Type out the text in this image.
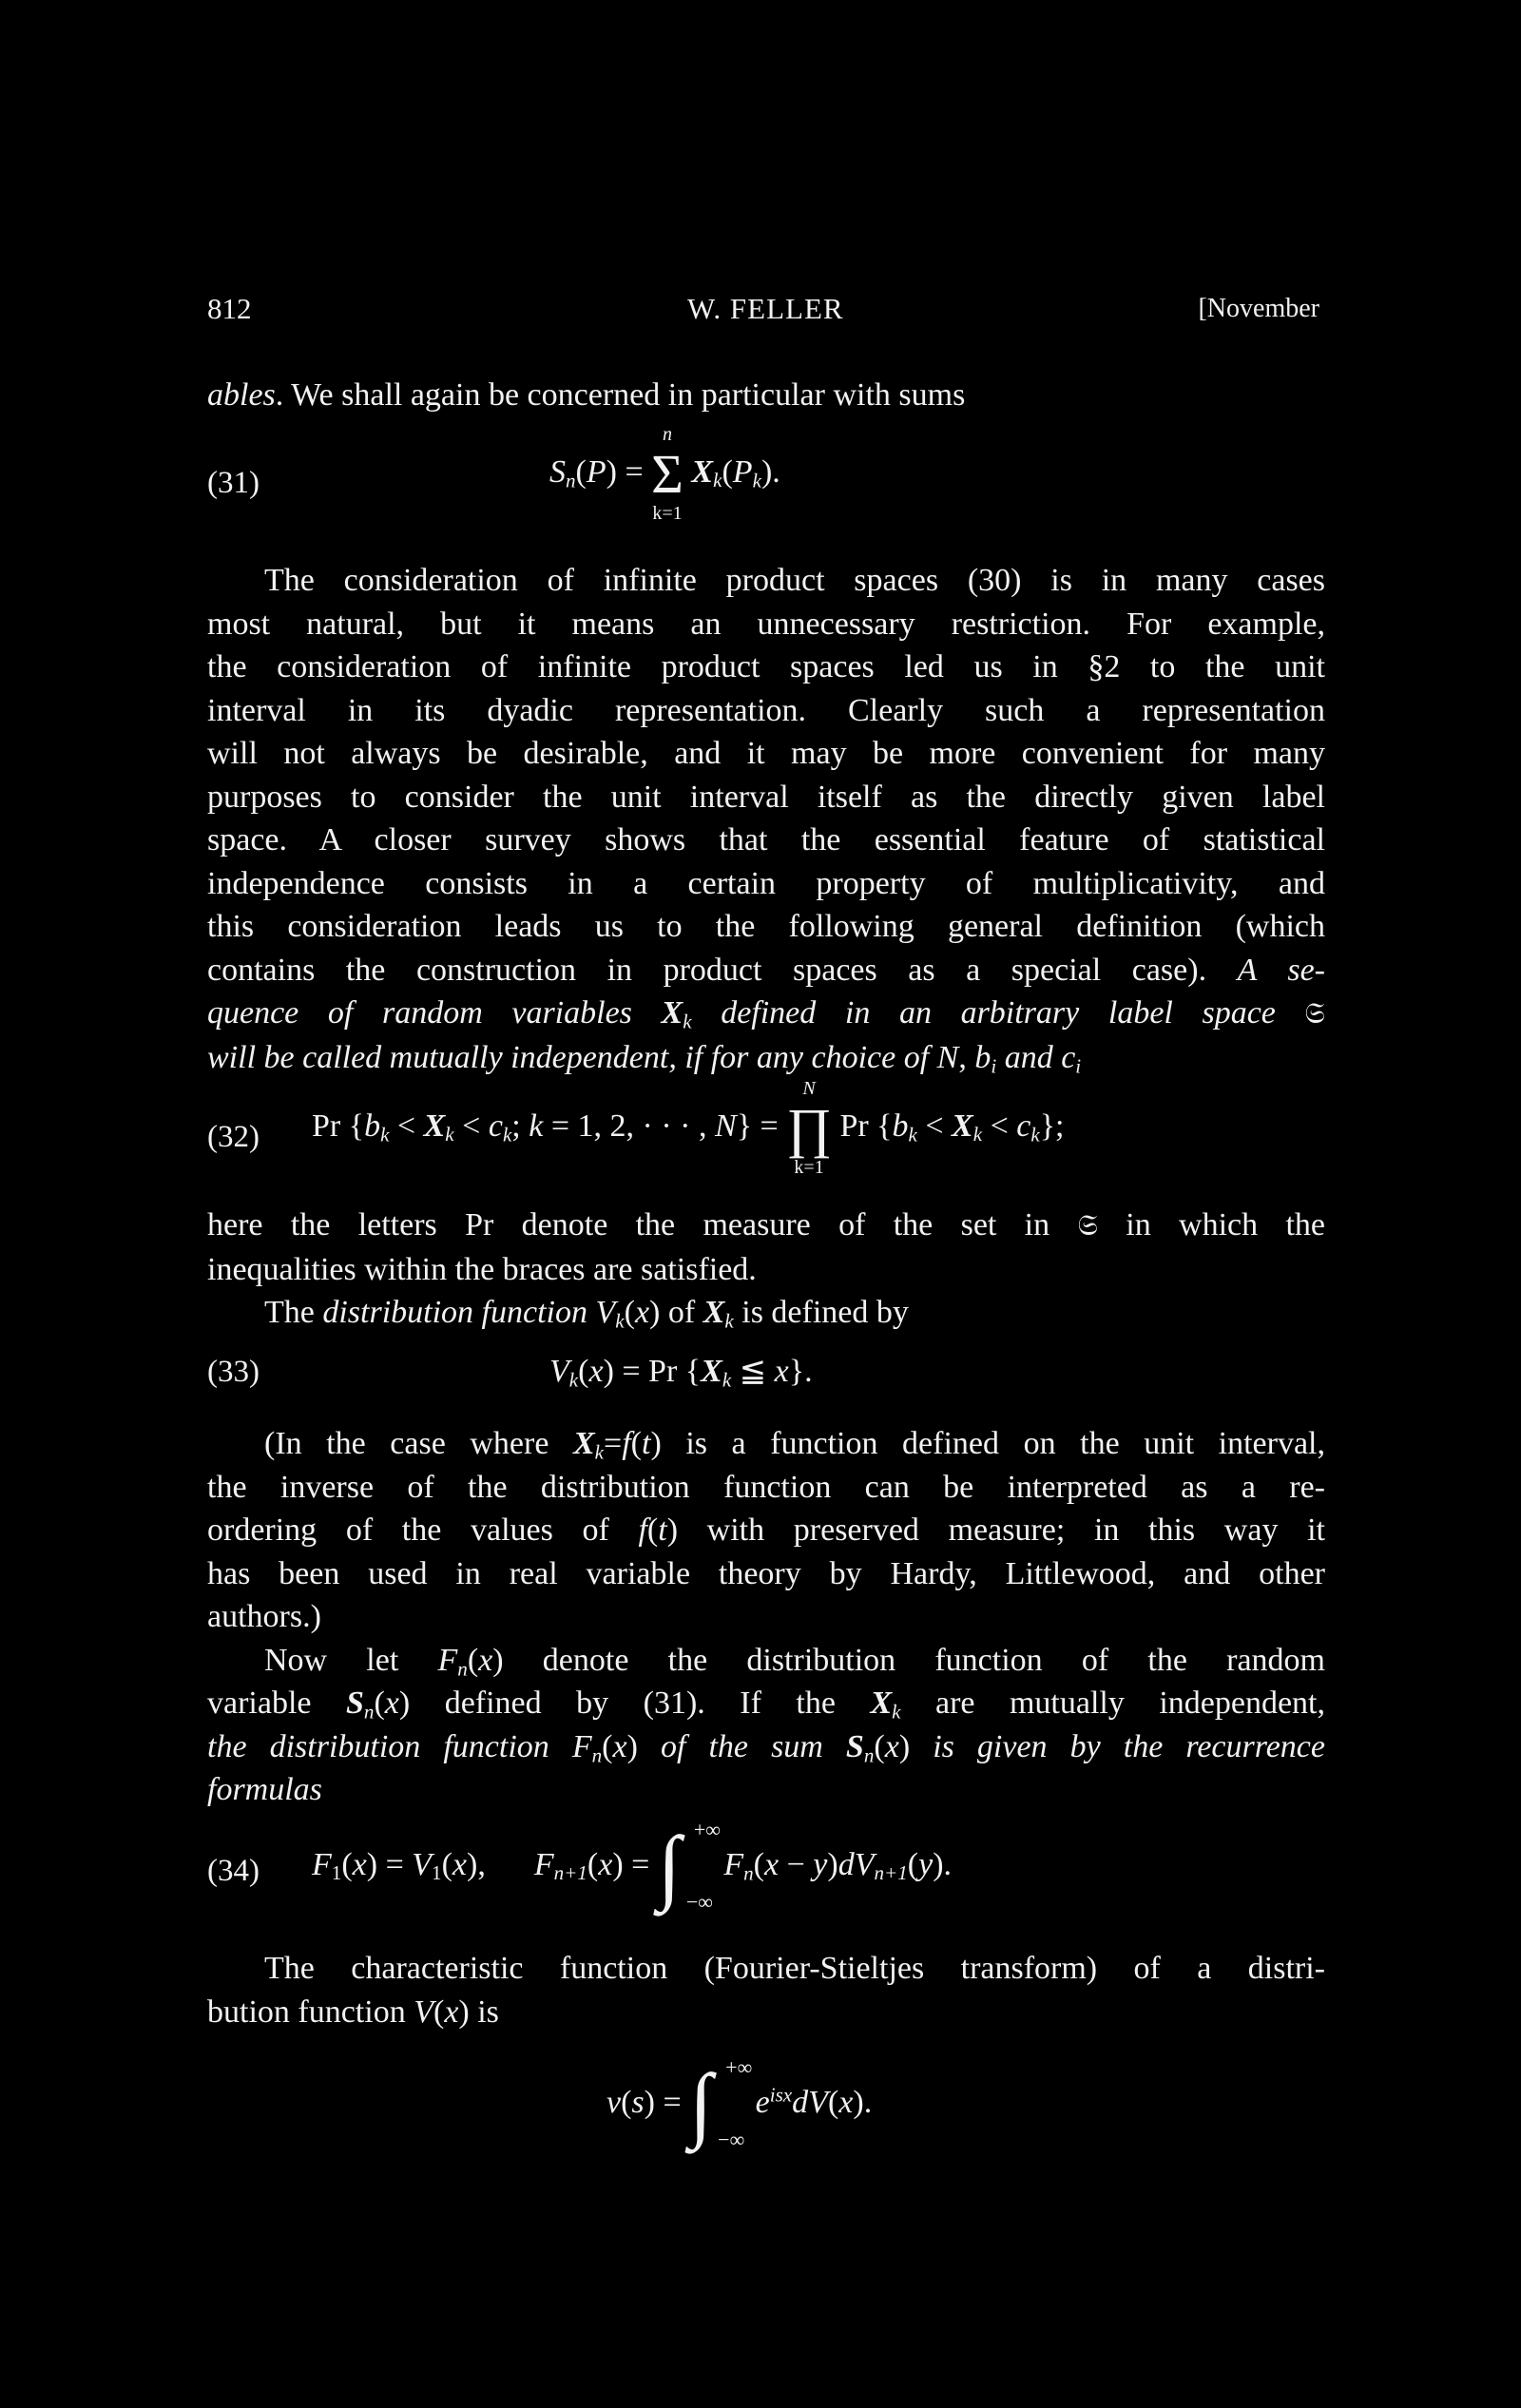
812	W. FELLER	[November

ables. We shall again be concerned in particular with sums

(31)	$S_n(P)$ =
n
Σ
k=1
$X_k(P_k)$.

The consideration of infinite product spaces (30) is in many cases
most natural, but it means an unnecessary restriction. For example,
the consideration of infinite product spaces led us in §2 to the unit
interval in its dyadic representation. Clearly such a representation
will not always be desirable, and it may be more convenient for many
purposes to consider the unit interval itself as the directly given label
space. A closer survey shows that the essential feature of statistical
independence consists in a certain property of multiplicativity, and
this consideration leads us to the following general definition (which
contains the construction in product spaces as a special case). A se-
quence of random variables $X_k$ defined in an arbitrary label space 𝔖
will be called mutually independent, if for any choice of N, $b_i$ and $c_i$

(32) Pr {$b_k < X_k < c_k$; k = 1, 2, · · · , N} =
N
∏
k=1
Pr $\{b_k < X_k < c_k\}$;

here the letters Pr denote the measure of the set in 𝔖 in which the
inequalities within the braces are satisfied.
The distribution function $V_k(x)$ of $X_k$ is defined by

(33)	$V_k(x) = Pr$ {$X_k$ ≦ x}.

(In the case where $X_k=f(t)$ is a function defined on the unit interval,
the inverse of the distribution function can be interpreted as a re-
ordering of the values of f(t) with preserved measure; in this way it
has been used in real variable theory by Hardy, Littlewood, and other
authors.)
Now let $F_n(x)$ denote the distribution function of the random
variable $S_n(x)$ defined by (31). If the $X_k$ are mutually independent,
the distribution function $F_n(x)$ of the sum $S_n(x)$ is given by the recurrence
formulas

(34) $F_1(x) = V_1(x)$,      $F_{n+1}(x)$ = ∫ +∞
−∞
$F_n(x - y)dV_{n+1}(y)$.

The characteristic function (Fourier-Stieltjes transform) of a distri-
bution function V(x) is

v(s) = ∫ +∞
−∞
$e^{isx}dV(x)$.
